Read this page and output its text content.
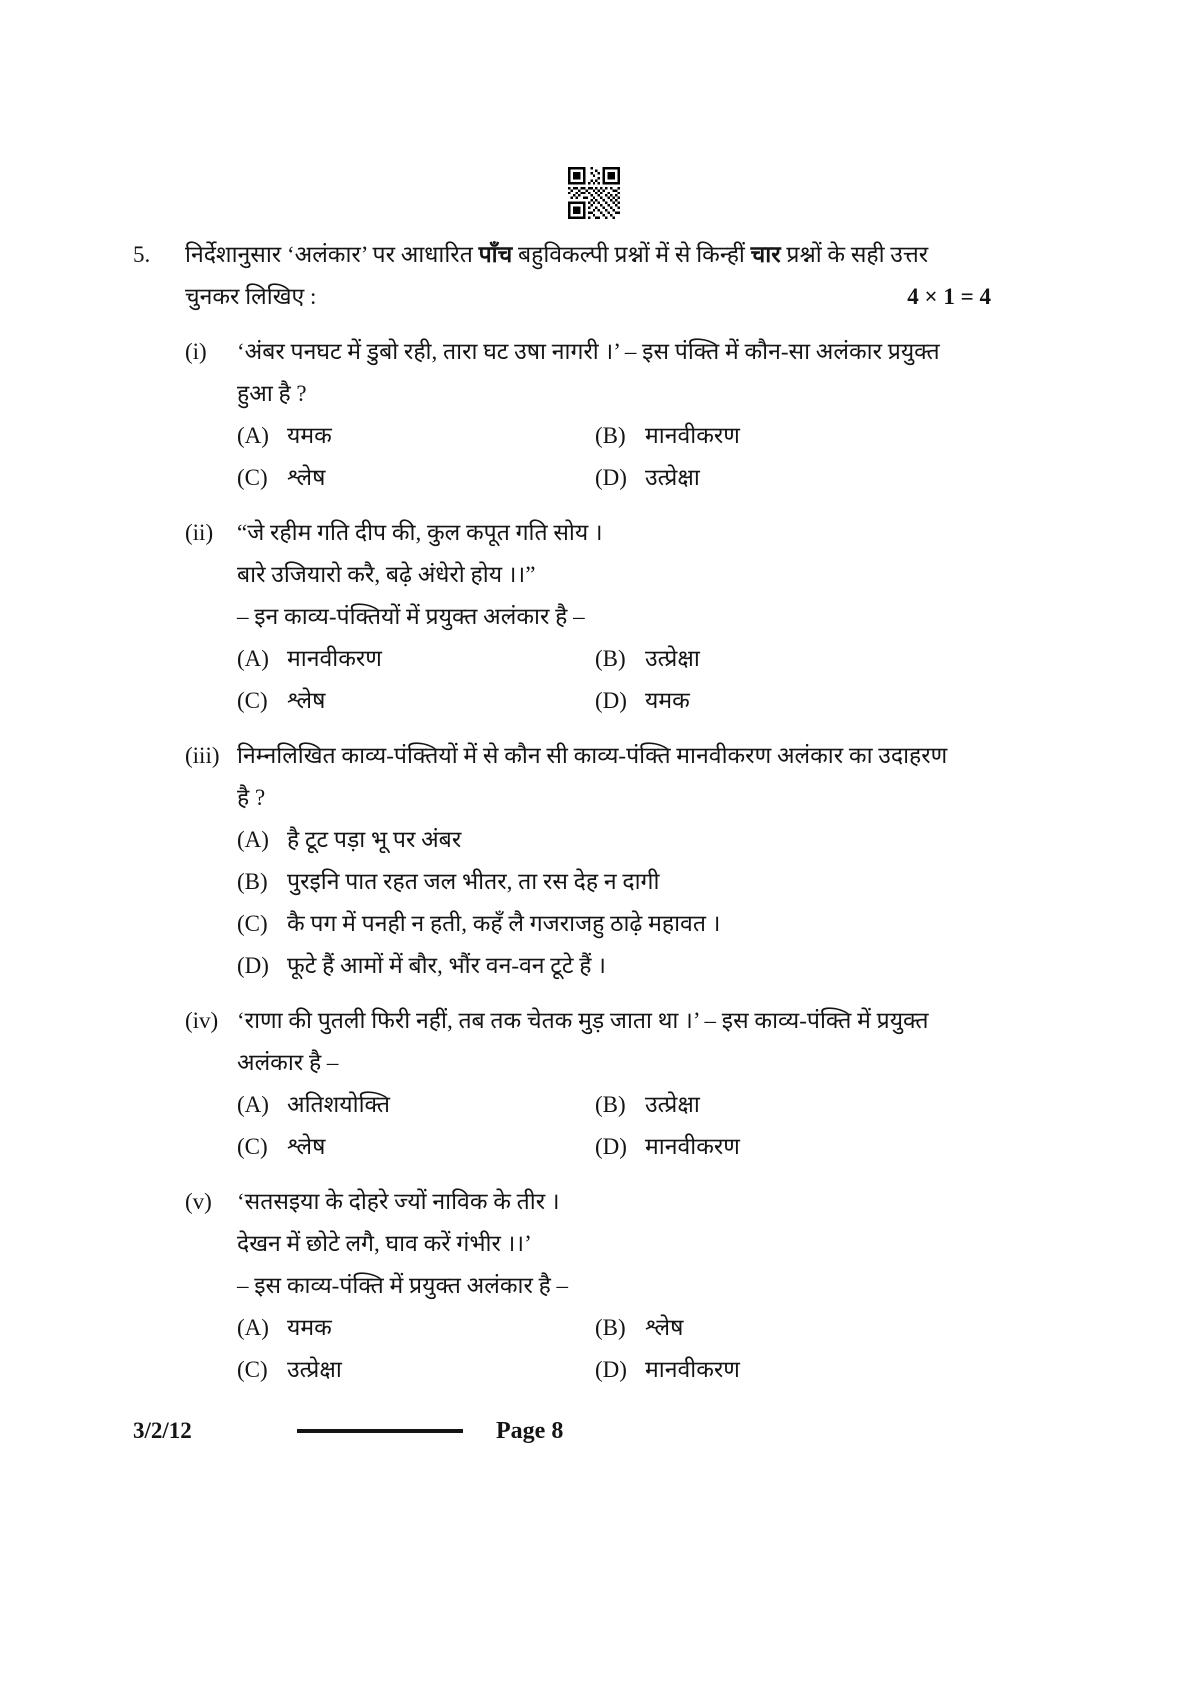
5. निर्देशानुसार ‘अलंकार’ पर आधारित पाँच बहुविकल्पी प्रश्नों में से किन्हीं चार प्रश्नों के सही उत्तर
चुनकर लिखिए :	4 × 1 = 4
(i) ‘अंबर पनघट में डुबो रही, तारा घट उषा नागरी ।’ – इस पंक्ति में कौन-सा अलंकार प्रयुक्त
हुआ है ?
(A) यमक	(B) मानवीकरण
(C) श्लेष	(D) उत्प्रेक्षा
(ii) “जे रहीम गति दीप की, कुल कपूत गति सोय ।
बारे उजियारो करै, बढ़े अंधेरो होय ।।”
– इन काव्य-पंक्तियों में प्रयुक्त अलंकार है –
(A) मानवीकरण	(B) उत्प्रेक्षा
(C) श्लेष	(D) यमक
(iii) निम्नलिखित काव्य-पंक्तियों में से कौन सी काव्य-पंक्ति मानवीकरण अलंकार का उदाहरण
है ?
(A) है टूट पड़ा भू पर अंबर
(B) पुरइनि पात रहत जल भीतर, ता रस देह न दागी
(C) कै पग में पनही न हती, कहँ लै गजराजहु ठाढ़े महावत ।
(D) फूटे हैं आमों में बौर, भौंर वन-वन टूटे हैं ।
(iv) ‘राणा की पुतली फिरी नहीं, तब तक चेतक मुड़ जाता था ।’ – इस काव्य-पंक्ति में प्रयुक्त
अलंकार है –
(A) अतिशयोक्ति	(B) उत्प्रेक्षा
(C) श्लेष	(D) मानवीकरण
(v) ‘सतसइया के दोहरे ज्यों नाविक के तीर ।
देखन में छोटे लगै, घाव करें गंभीर ।।’
– इस काव्य-पंक्ति में प्रयुक्त अलंकार है –
(A) यमक	(B) श्लेष
(C) उत्प्रेक्षा	(D) मानवीकरण
3/2/12	Page 8
